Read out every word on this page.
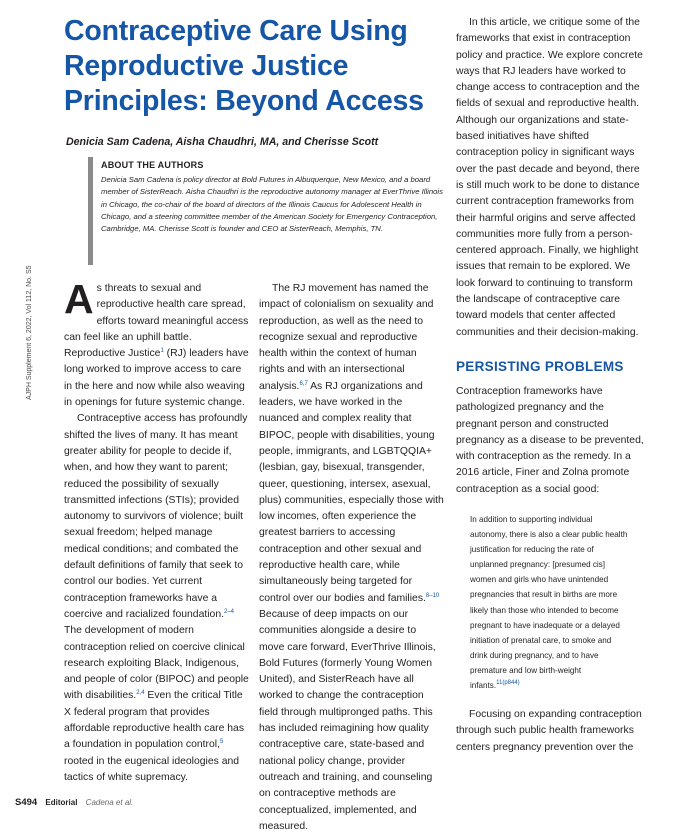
Contraceptive Care Using Reproductive Justice Principles: Beyond Access
Denicia Sam Cadena, Aisha Chaudhri, MA, and Cherisse Scott
ABOUT THE AUTHORS

Denicia Sam Cadena is policy director at Bold Futures in Albuquerque, New Mexico, and a board member of SisterReach. Aisha Chaudhri is the reproductive autonomy manager at EverThrive Illinois in Chicago, the co-chair of the board of directors of the Illinois Caucus for Adolescent Health in Chicago, and a steering committee member of the American Society for Emergency Contraception, Cambridge, MA. Cherisse Scott is founder and CEO at SisterReach, Memphis, TN.

AJPH Supplement 6, 2022, Vol 112, No. S5 As threats to sexual and reproductive health care spread, efforts toward meaningful access can feel like an uphill battle. Reproductive Justice$^1$ (RJ) leaders have long worked to improve access to care in the here and now while also weaving in openings for future systemic change.

Contraceptive access has profoundly shifted the lives of many. It has meant greater ability for people to decide if, when, and how they want to parent; reduced the possibility of sexually transmitted infections (STIs); provided autonomy to survivors of violence; built sexual freedom; helped manage medical conditions; and combated the default definitions of family that seek to control our bodies. Yet current contraception frameworks have a coercive and racialized foundation.$^{2-4}$ The development of modern contraception relied on coercive clinical research exploiting Black, Indigenous, and people of color (BIPOC) and people with disabilities.$^{2,4}$ Even the critical Title X federal program that provides affordable reproductive health care has a foundation in population control,$^5$ rooted in the eugenical ideologies and tactics of white supremacy.

The RJ movement has named the impact of colonialism on sexuality and reproduction, as well as the need to recognize sexual and reproductive health within the context of human rights and with an intersectional analysis.$^{6,7}$ As RJ organizations and leaders, we have worked in the nuanced and complex reality that BIPOC, people with disabilities, young people, immigrants, and LGBTQQIA+ (lesbian, gay, bisexual, transgender, queer, questioning, intersex, asexual, plus) communities, especially those with low incomes, often experience the greatest barriers to accessing contraception and other sexual and reproductive health care, while simultaneously being targeted for control over our bodies and families.$^{8-10}$ Because of deep impacts on our communities alongside a desire to move care forward, EverThrive Illinois, Bold Futures (formerly Young Women United), and SisterReach have all worked to change the contraception field through multipronged paths. This has included reimagining how quality contraceptive care, state-based and national policy change, provider outreach and training, and counseling on contraceptive methods are conceptualized, implemented, and measured.

In this article, we critique some of the frameworks that exist in contraception policy and practice. We explore concrete ways that RJ leaders have worked to change access to contraception and the fields of sexual and reproductive health. Although our organizations and state-based initiatives have shifted contraception policy in significant ways over the past decade and beyond, there is still much work to be done to distance current contraception frameworks from their harmful origins and serve affected communities more fully from a person-centered approach. Finally, we highlight issues that remain to be explored. We look forward to continuing to transform the landscape of contraceptive care toward models that center affected communities and their decision-making.

PERSISTING PROBLEMS

Contraception frameworks have pathologized pregnancy and the pregnant person and constructed pregnancy as a disease to be prevented, with contraception as the remedy. In a 2016 article, Finer and Zolna promote contraception as a social good:

In addition to supporting individual autonomy, there is also a clear public health justification for reducing the rate of unplanned pregnancy: [presumed cis] women and girls who have unintended pregnancies that result in births are more likely than those who intended to become pregnant to have inadequate or a delayed initiation of prenatal care, to smoke and drink during pregnancy, and to have premature and low birth-weight infants.$^{11(p844)}$

Focusing on expanding contraception through such public health frameworks centers pregnancy prevention over the

S494 Editorial Cadena et al.
